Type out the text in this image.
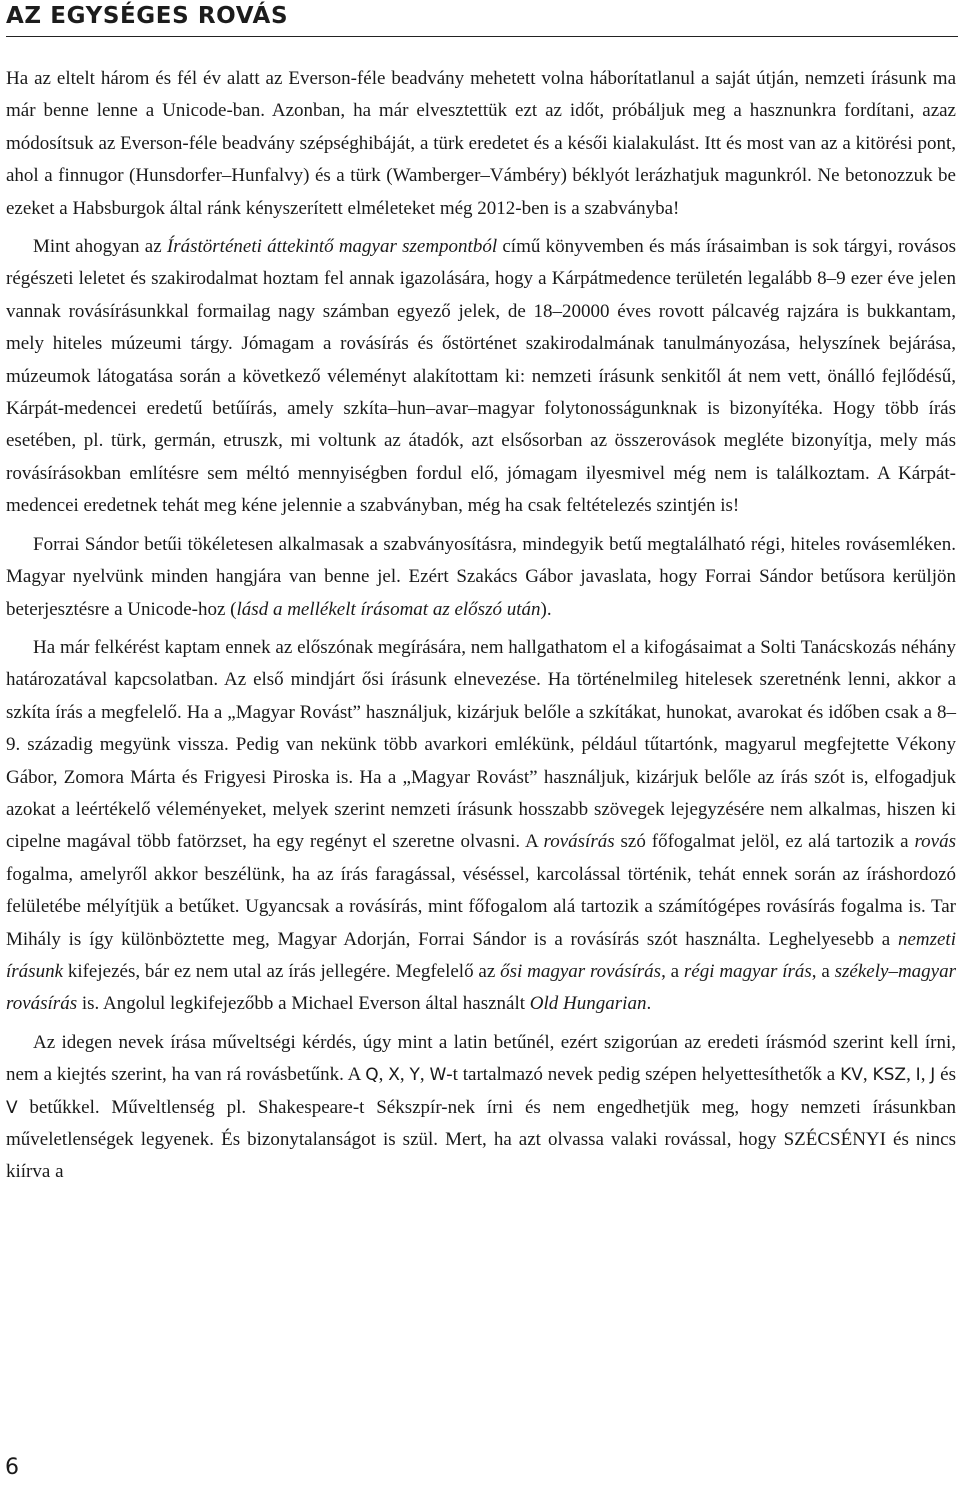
AZ EGYSÉGES ROVÁS

Ha az eltelt három és fél év alatt az Everson-féle beadvány mehetett volna háborítatlanul a saját útján, nemzeti írásunk ma már benne lenne a Unicode-ban. Azonban, ha már elvesztettük ezt az időt, próbáljuk meg a hasznunkra fordítani, azaz módosítsuk az Everson-féle beadvány szépséghibáját, a türk eredetet és a késői kialakulást. Itt és most van az a kitörési pont, ahol a finnugor (Hunsdorfer–Hunfalvy) és a türk (Wamberger–Vámbéry) béklyót lerázhatjuk magunkról. Ne betonozzuk be ezeket a Habsburgok által ránk kényszerített elméleteket még 2012-ben is a szabványba!

Mint ahogyan az Írástörténeti áttekintő magyar szempontból című könyvemben és más írásaimban is sok tárgyi, rovásos régészeti leletet és szakirodalmat hoztam fel annak igazolására, hogy a Kárpátmedence területén legalább 8–9 ezer éve jelen vannak rovásírásunkkal formailag nagy számban egyező jelek, de 18–20000 éves rovott pálcavég rajzára is bukkantam, mely hiteles múzeumi tárgy. Jómagam a rovásírás és őstörténet szakirodalmának tanulmányozása, helyszínek bejárása, múzeumok látogatása során a következő véleményt alakítottam ki: nemzeti írásunk senkitől át nem vett, önálló fejlődésű, Kárpát-medencei eredetű betűírás, amely szkíta–hun–avar–magyar folytonosságunknak is bizonyítéka. Hogy több írás esetében, pl. türk, germán, etruszk, mi voltunk az átadók, azt elsősorban az összerovások megléte bizonyítja, mely más rovásírásokban említésre sem méltó mennyiségben fordul elő, jómagam ilyesmivel még nem is találkoztam. A Kárpát-medencei eredetnek tehát meg kéne jelennie a szabványban, még ha csak feltételezés szintjén is!

Forrai Sándor betűi tökéletesen alkalmasak a szabványosításra, mindegyik betű megtalálható régi, hiteles rovásemléken. Magyar nyelvünk minden hangjára van benne jel. Ezért Szakács Gábor javaslata, hogy Forrai Sándor betűsora kerüljön beterjesztésre a Unicode-hoz (lásd a mellékelt írásomat az előszó után).

Ha már felkérést kaptam ennek az előszónak megírására, nem hallgathatom el a kifogásaimat a Solti Tanácskozás néhány határozatával kapcsolatban. Az első mindjárt ősi írásunk elnevezése. Ha történelmileg hitelesek szeretnénk lenni, akkor a szkíta írás a megfelelő. Ha a „Magyar Rovást” használjuk, kizárjuk belőle a szkítákat, hunokat, avarokat és időben csak a 8–9. századig megyünk vissza. Pedig van nekünk több avarkori emlékünk, például tűtartónk, magyarul megfejtette Vékony Gábor, Zomora Márta és Frigyesi Piroska is. Ha a „Magyar Rovást” használjuk, kizárjuk belőle az írás szót is, elfogadjuk azokat a leértékelő véleményeket, melyek szerint nemzeti írásunk hosszabb szövegek lejegyzésére nem alkalmas, hiszen ki cipelne magával több fatörzset, ha egy regényt el szeretne olvasni. A rovásírás szó főfogalmat jelöl, ez alá tartozik a rovás fogalma, amelyről akkor beszélünk, ha az írás faragással, véséssel, karcolással történik, tehát ennek során az íráshordozó felületébe mélyítjük a betűket. Ugyancsak a rovásírás, mint főfogalom alá tartozik a számítógépes rovásírás fogalma is. Tar Mihály is így különböztette meg, Magyar Adorján, Forrai Sándor is a rovásírás szót használta. Leghelyesebb a nemzeti írásunk kifejezés, bár ez nem utal az írás jellegére. Megfelelő az ősi magyar rovásírás, a régi magyar írás, a székely–magyar rovásírás is. Angolul legkifejezőbb a Michael Everson által használt Old Hungarian.

Az idegen nevek írása műveltségi kérdés, úgy mint a latin betűnél, ezért szigorúan az eredeti írásmód szerint kell írni, nem a kiejtés szerint, ha van rá rovásbetűnk. A Q, X, Y, W-t tartalmazó nevek pedig szépen helyettesíthetők a KV, KSZ, I, J és V betűkkel. Műveltlenség pl. Shakespeare-t Sékszpír-nek írni és nem engedhetjük meg, hogy nemzeti írásunkban műveletlenségek legyenek. És bizonytalanságot is szül. Mert, ha azt olvassa valaki rovással, hogy SZÉCSÉNYI és nincs kiírva a

6
